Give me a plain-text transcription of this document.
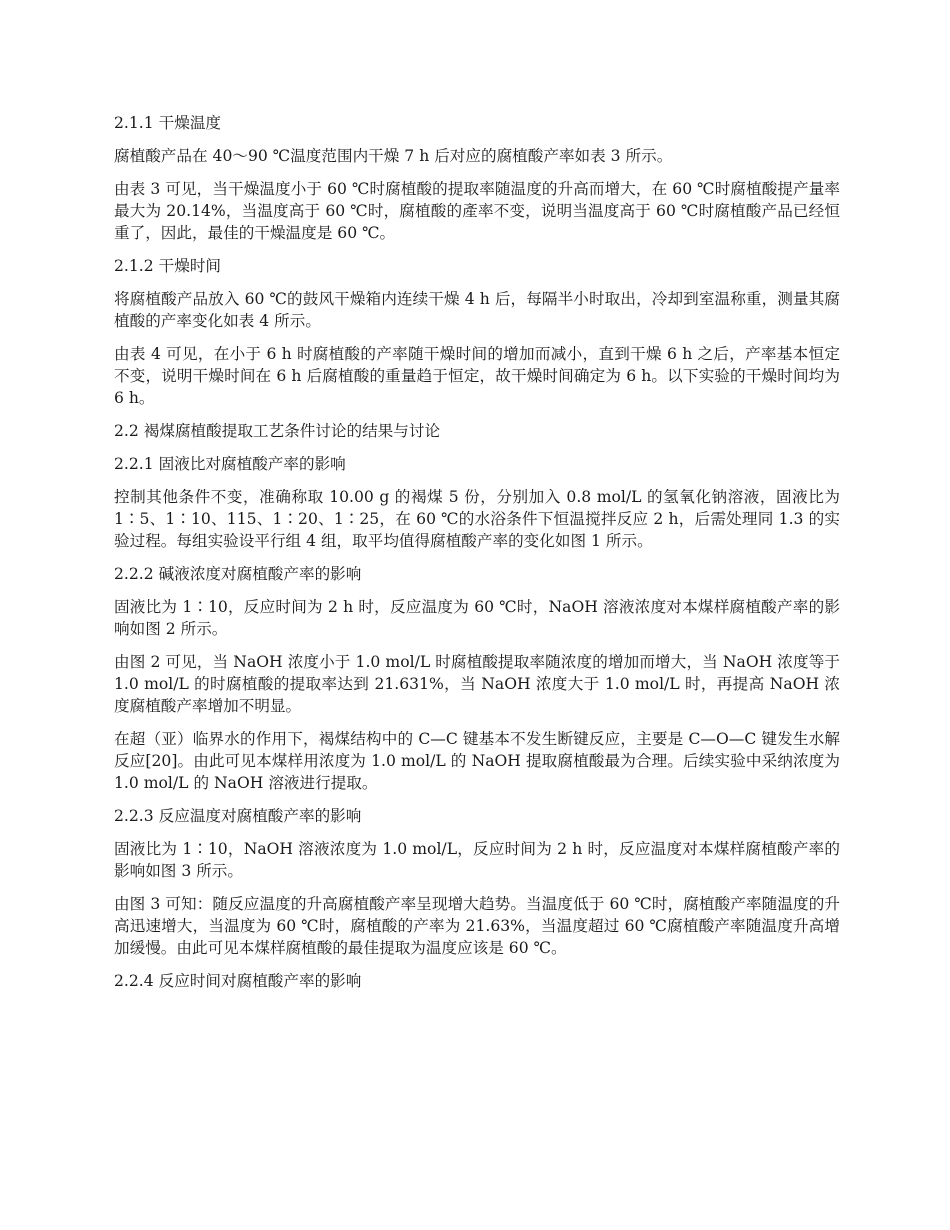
2.1.1 干燥温度
腐植酸产品在 40～90 ℃温度范围内干燥 7 h 后对应的腐植酸产率如表 3 所示。
由表 3 可见，当干燥温度小于 60 ℃时腐植酸的提取率随温度的升高而增大，在 60 ℃时腐植酸提产量率最大为 20.14%，当温度高于 60 ℃时，腐植酸的產率不变，说明当温度高于 60 ℃时腐植酸产品已经恒重了，因此，最佳的干燥温度是 60 ℃。
2.1.2 干燥时间
将腐植酸产品放入 60 ℃的鼓风干燥箱内连续干燥 4 h 后，每隔半小时取出，冷却到室温称重，测量其腐植酸的产率变化如表 4 所示。
由表 4 可见，在小于 6 h 时腐植酸的产率随干燥时间的增加而减小，直到干燥 6 h 之后，产率基本恒定不变，说明干燥时间在 6 h 后腐植酸的重量趋于恒定，故干燥时间确定为 6 h。以下实验的干燥时间均为 6 h。
2.2 褐煤腐植酸提取工艺条件讨论的结果与讨论
2.2.1 固液比对腐植酸产率的影响
控制其他条件不变，准确称取 10.00 g 的褐煤 5 份，分别加入 0.8 mol/L 的氢氧化钠溶液，固液比为 1∶5、1∶10、115、1∶20、1∶25，在 60 ℃的水浴条件下恒温搅拌反应 2 h，后需处理同 1.3 的实验过程。每组实验设平行组 4 组，取平均值得腐植酸产率的变化如图 1 所示。
2.2.2 碱液浓度对腐植酸产率的影响
固液比为 1∶10，反应时间为 2 h 时，反应温度为 60 ℃时，NaOH 溶液浓度对本煤样腐植酸产率的影响如图 2 所示。
由图 2 可见，当 NaOH 浓度小于 1.0 mol/L 时腐植酸提取率随浓度的增加而增大，当 NaOH 浓度等于 1.0 mol/L 的时腐植酸的提取率达到 21.631%，当 NaOH 浓度大于 1.0 mol/L 时，再提高 NaOH 浓度腐植酸产率增加不明显。
在超（亚）临界水的作用下，褐煤结构中的 C—C 键基本不发生断键反应，主要是 C—O—C 键发生水解反应[20]。由此可见本煤样用浓度为 1.0 mol/L 的 NaOH 提取腐植酸最为合理。后续实验中采纳浓度为 1.0 mol/L 的 NaOH 溶液进行提取。
2.2.3 反应温度对腐植酸产率的影响
固液比为 1∶10，NaOH 溶液浓度为 1.0 mol/L，反应时间为 2 h 时，反应温度对本煤样腐植酸产率的影响如图 3 所示。
由图 3 可知：随反应温度的升高腐植酸产率呈现增大趋势。当温度低于 60 ℃时，腐植酸产率随温度的升高迅速增大，当温度为 60 ℃时，腐植酸的产率为 21.63%，当温度超过 60 ℃腐植酸产率随温度升高增加缓慢。由此可见本煤样腐植酸的最佳提取为温度应该是 60 ℃。
2.2.4 反应时间对腐植酸产率的影响
